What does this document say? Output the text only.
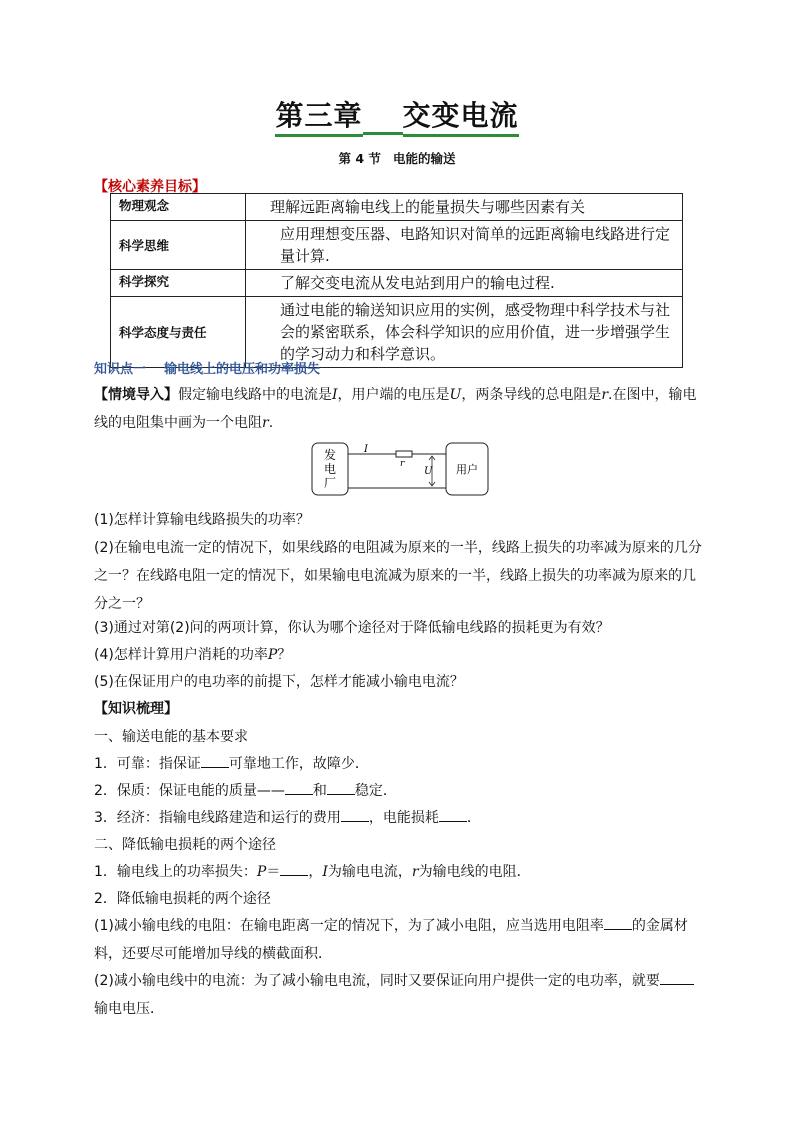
第三章 交变电流
第 4 节 电能的输送
【核心素养目标】
物理观念	理解远距离输电线上的能量损失与哪些因素有关
科学思维	应用理想变压器、电路知识对简单的远距离输电线路进行定量计算.
科学探究	了解交变电流从发电站到用户的输电过程.
科学态度与责任	通过电能的输送知识应用的实例，感受物理中科学技术与社会的紧密联系，体会科学知识的应用价值，进一步增强学生的学习动力和科学意识。
知识点一 输电线上的电压和功率损失
【情境导入】假定输电线路中的电流是I，用户端的电压是U，两条导线的总电阻是r.在图中，输电线的电阻集中画为一个电阻r.
发
电
厂
I
r
U 用户
(1)怎样计算输电线路损失的功率？
(2)在输电电流一定的情况下，如果线路的电阻减为原来的一半，线路上损失的功率减为原来的几分之一？在线路电阻一定的情况下，如果输电电流减为原来的一半，线路上损失的功率减为原来的几分之一？
(3)通过对第(2)问的两项计算，你认为哪个途径对于降低输电线路的损耗更为有效？
(4)怎样计算用户消耗的功率P？
(5)在保证用户的电功率的前提下，怎样才能减小输电电流？
【知识梳理】
一、输送电能的基本要求
1．可靠：指保证 可靠地工作，故障少．
2．保质：保证电能的质量—— 和 稳定．
3．经济：指输电线路建造和运行的费用 ，电能损耗 ．
二、降低输电损耗的两个途径
1．输电线上的功率损失：P＝ ，I为输电电流，r为输电线的电阻．
2．降低输电损耗的两个途径
(1)减小输电线的电阻：在输电距离一定的情况下，为了减小电阻，应当选用电阻率 的金属材料，还要尽可能增加导线的横截面积．
(2)减小输电线中的电流：为了减小输电电流，同时又要保证向用户提供一定的电功率，就要输电电压．
